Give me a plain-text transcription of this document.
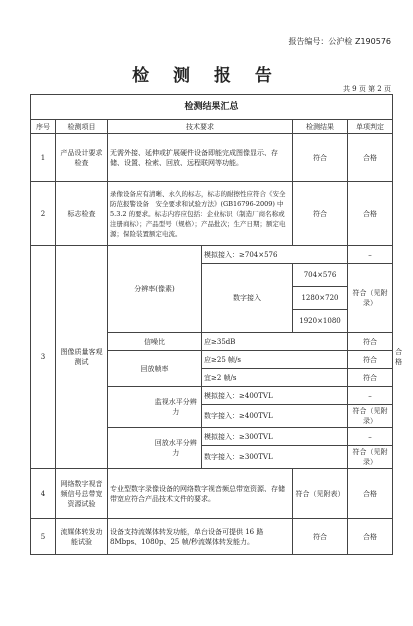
报告编号：公沪检 Z190576
检 测 报 告
共 9 页 第 2 页
检测结果汇总							
序号	检测项目	技术要求			检测结果	单项判定	
1	产品设计要求检查	无需外接、延伸或扩展硬件设备即能完成图像显示、存储、设置、检索、回放、远程联网等功能。			符合	合格	
2	标志检查	录像设备应有清晰、永久的标志，标志的耐擦性应符合《安全防范报警设备　安全要求和试验方法》(GB16796-2009) 中 5.3.2 的要求。标志内容应包括：企业标识（制造厂商名称或注册商标）；产品型号（规格）；产品批次；生产日期；额定电源；保险装置额定电流。			符合	合格	
3	图像质量客观测试	分辨率(像素)		模拟接入：≥704×576		–	合格
				数字接入	704×576	符合（见附录）	
					1280×720		
					1920×1080		
		信噪比		应≥35dB		符合	
		回放帧率		应≥25 帧/s		符合	
				宜≥2 帧/s		符合	
			监视水平分辨力	模拟接入：≥400TVL		–	
				数字接入：≥400TVL		符合（见附录）	

			回放水平分辨力	模拟接入：≥300TVL		–	
				数字接入：≥300TVL		符合（见附录）	

4	网络数字视音频信号总带宽资源试验	专业型数字录像设备的网络数字视音频总带宽资源、存储带宽应符合产品技术文件的要求。			符合（见附表）	合格	
5	流媒体转发功能试验	设备支持流媒体转发功能，单台设备可提供 16 路 8Mbps、1080p、25 帧/秒流媒体转发能力。			符合	合格	
